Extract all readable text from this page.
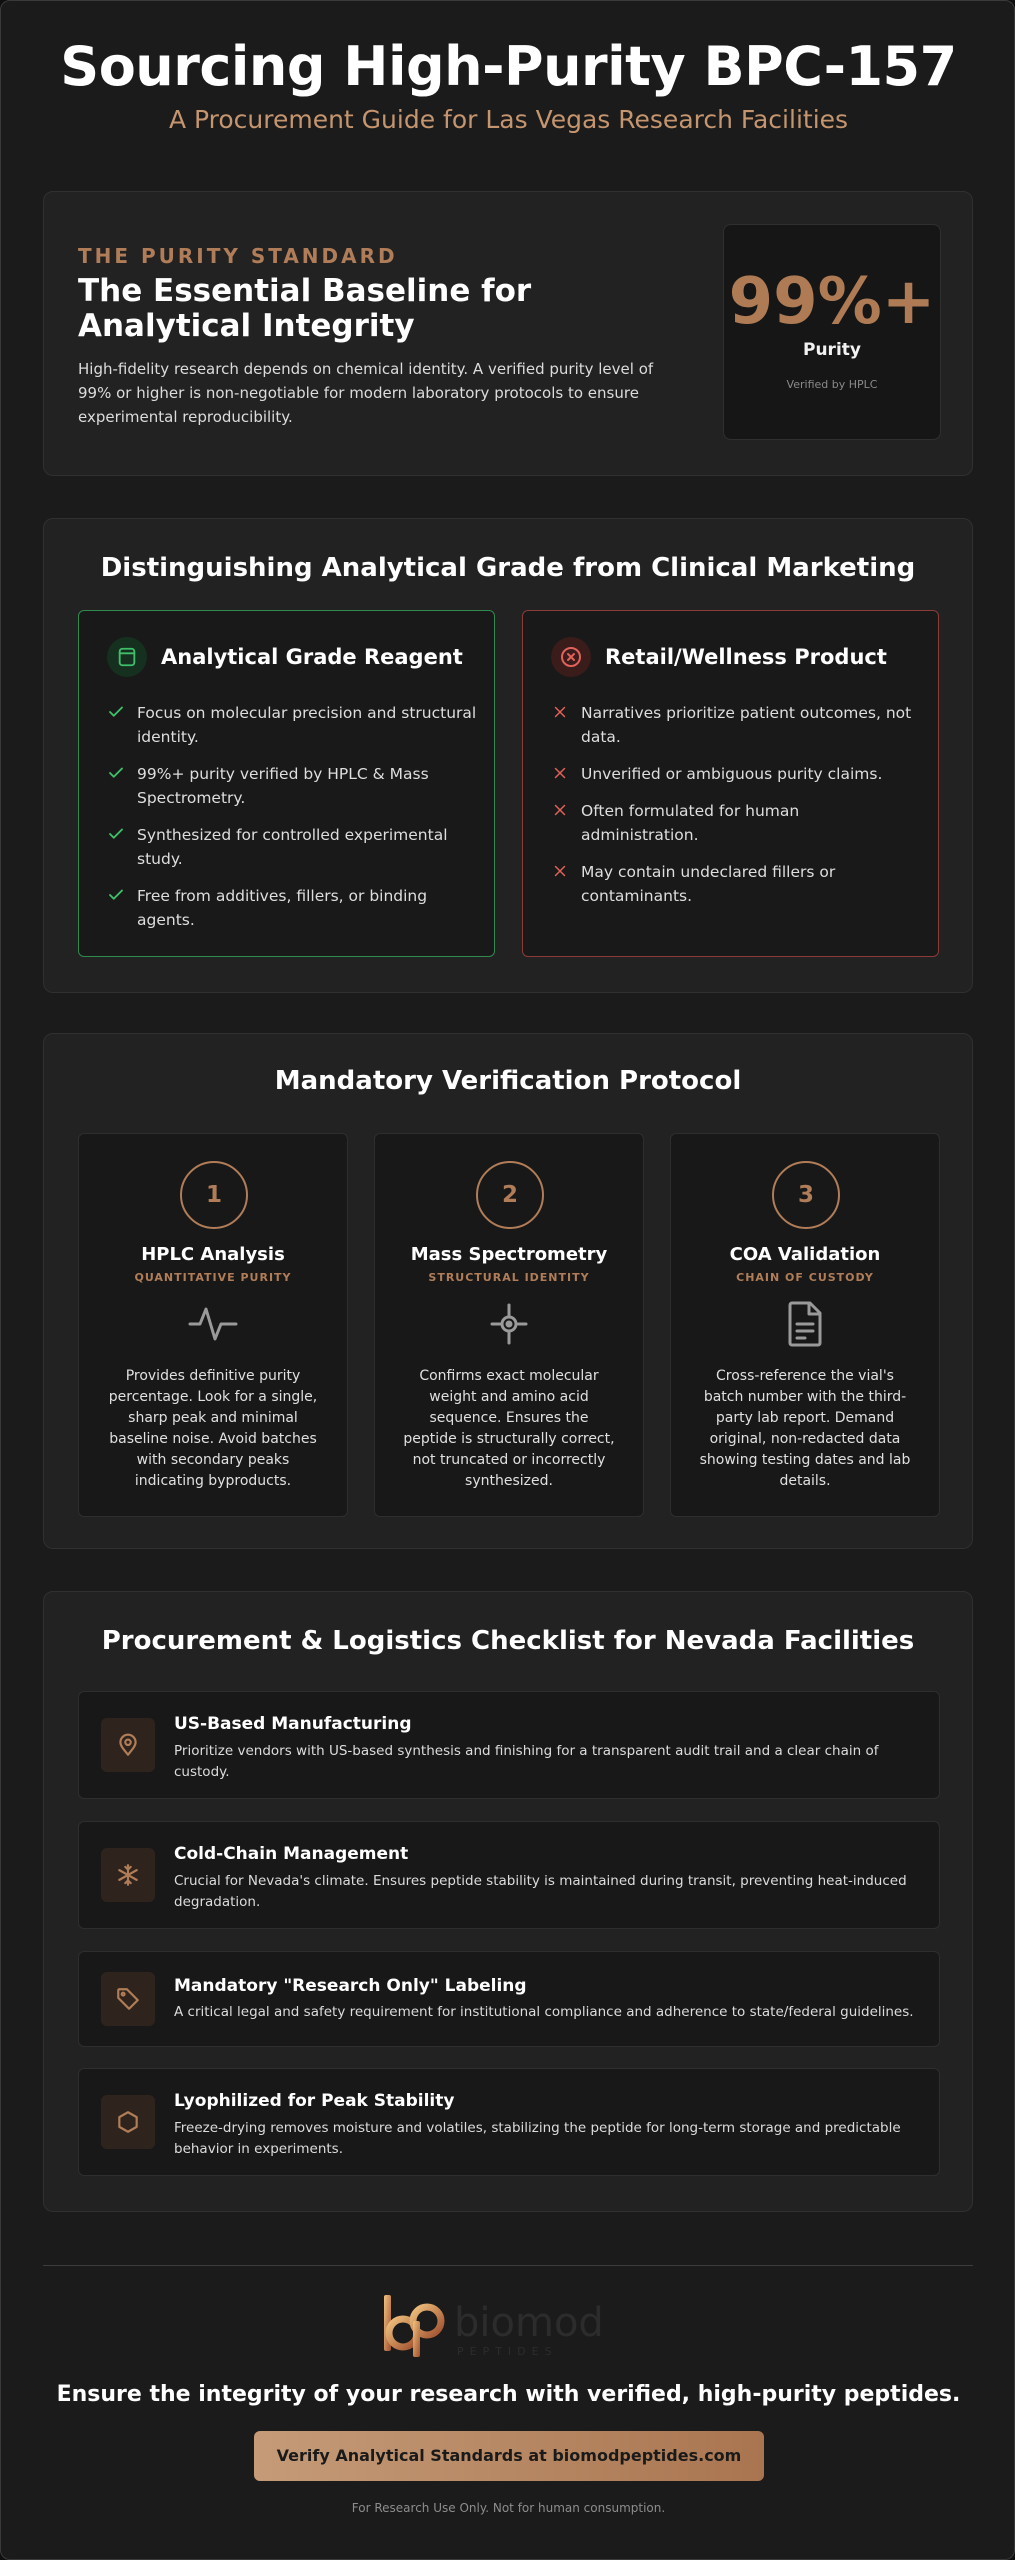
Sourcing High-Purity BPC-157
A Procurement Guide for Las Vegas Research Facilities
THE PURITY STANDARD
The Essential Baseline for Analytical Integrity

High-fidelity research depends on chemical identity. A verified purity level of 99% or higher is non-negotiable for modern laboratory protocols to ensure experimental reproducibility.

99%+
Purity
Verified by HPLC
Distinguishing Analytical Grade from Clinical Marketing
Analytical Grade Reagent
Focus on molecular precision and structural identity.
99%+ purity verified by HPLC & Mass Spectrometry.
Synthesized for controlled experimental study.
Free from additives, fillers, or binding agents.
Retail/Wellness Product
Narratives prioritize patient outcomes, not data.
Unverified or ambiguous purity claims.
Often formulated for human administration.
May contain undeclared fillers or contaminants.
Mandatory Verification Protocol
1
HPLC Analysis
QUANTITATIVE PURITY

Provides definitive purity percentage. Look for a single, sharp peak and minimal baseline noise. Avoid batches with secondary peaks indicating byproducts.

2
Mass Spectrometry
STRUCTURAL IDENTITY

Confirms exact molecular weight and amino acid sequence. Ensures the peptide is structurally correct, not truncated or incorrectly synthesized.

3
COA Validation
CHAIN OF CUSTODY

Cross-reference the vial's batch number with the third-party lab report. Demand original, non-redacted data showing testing dates and lab details.

Procurement & Logistics Checklist for Nevada Facilities
US-Based Manufacturing
Prioritize vendors with US-based synthesis and finishing for a transparent audit trail and a clear chain of custody.
Cold-Chain Management
Crucial for Nevada's climate. Ensures peptide stability is maintained during transit, preventing heat-induced degradation.
Mandatory "Research Only" Labeling
A critical legal and safety requirement for institutional compliance and adherence to state/federal guidelines.
Lyophilized for Peak Stability
Freeze-drying removes moisture and volatiles, stabilizing the peptide for long-term storage and predictable behavior in experiments.
biomod
PEPTIDES
Ensure the integrity of your research with verified, high-purity peptides.
Verify Analytical Standards at biomodpeptides.com
For Research Use Only. Not for human consumption.
